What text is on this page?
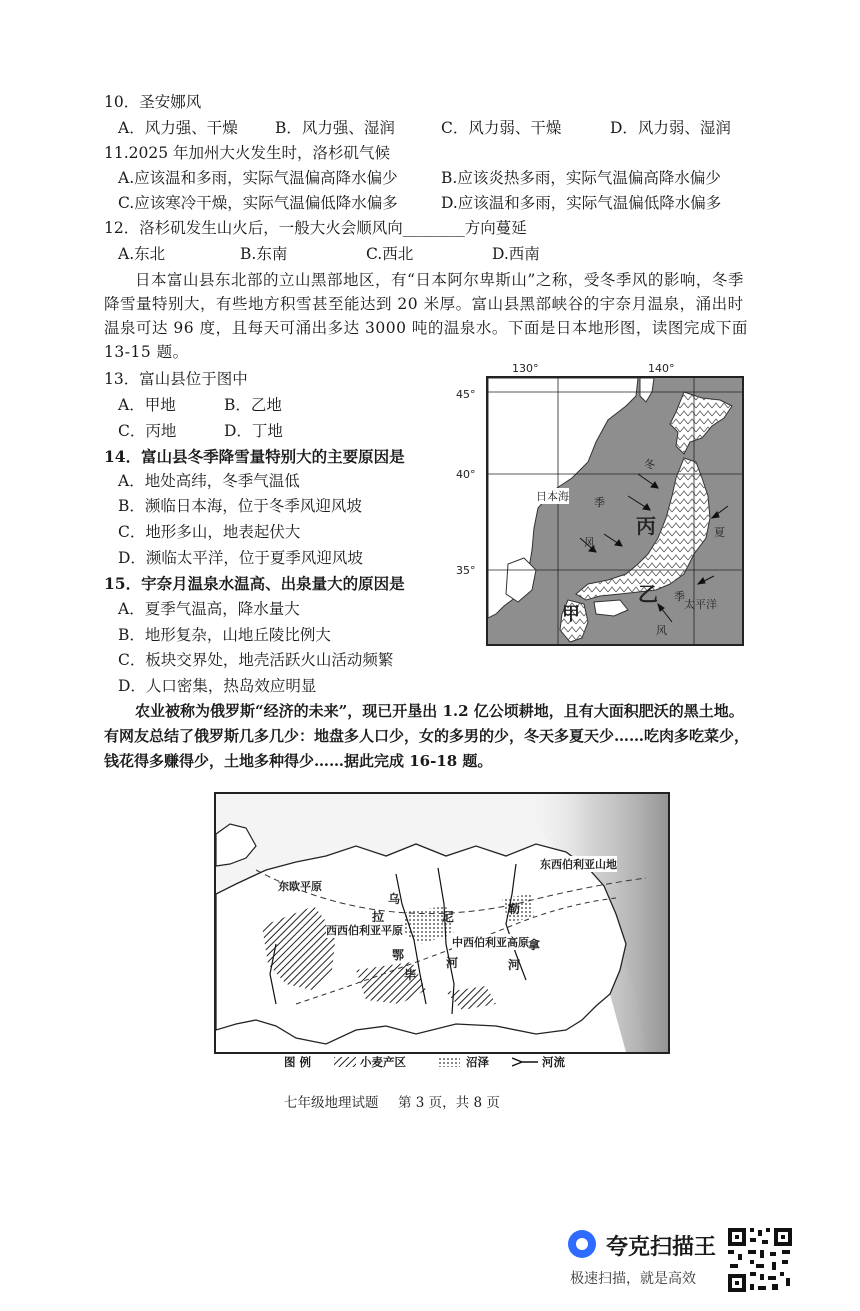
10．圣安娜风
A．风力强、干燥 B．风力强、湿润	C．风力弱、干燥	D．风力弱、湿润
11.2025 年加州大火发生时，洛杉矶气候
A.应该温和多雨，实际气温偏高降水偏少	B.应该炎热多雨，实际气温偏高降水偏少
C.应该寒冷干燥，实际气温偏低降水偏多	D.应该温和多雨，实际气温偏低降水偏多
12．洛杉矶发生山火后，一般大火会顺风向________方向蔓延
A.东北	B.东南	C.西北	D.西南
日本富山县东北部的立山黑部地区，有“日本阿尔卑斯山”之称，受冬季风的影响，冬季降雪量特别大，有些地方积雪甚至能达到 20 米厚。富山县黑部峡谷的宇奈月温泉，涌出时温泉可达 96 度，且每天可涌出多达 3000 吨的温泉水。下面是日本地形图，读图完成下面 13-15 题。
13．富山县位于图中
A．甲地	B．乙地
C．丙地	D．丁地
14．富山县冬季降雪量特别大的主要原因是
A．地处高纬，冬季气温低
B．濒临日本海，位于冬季风迎风坡
C．地形多山，地表起伏大
D．濒临太平洋，位于夏季风迎风坡
15．宇奈月温泉水温高、出泉量大的原因是
A．夏季气温高，降水量大
B．地形复杂，山地丘陵比例大
C．板块交界处，地壳活跃火山活动频繁
D．人口密集，热岛效应明显
130°	140°
45°
40°
35°
日本海
太平洋
冬
季
风
夏
季
风
丙
乙
甲
农业被称为俄罗斯“经济的未来”，现已开垦出 1.2 亿公顷耕地，且有大面积肥沃的黑土地。有网友总结了俄罗斯几多几少：地盘多人口少，女的多男的少，冬天多夏天少……吃肉多吃菜少，钱花得多赚得少，土地多种得少……据此完成 16-18 题。
东欧平原
西西伯利亚平原
中西伯利亚高原
东西伯利亚山地
乌
拉	尼
勒
拿
河	河
鄂
毕
图 例	小麦产区	沼泽	河流
七年级地理试题 第 3 页，共 8 页
夸克扫描王
极速扫描，就是高效
